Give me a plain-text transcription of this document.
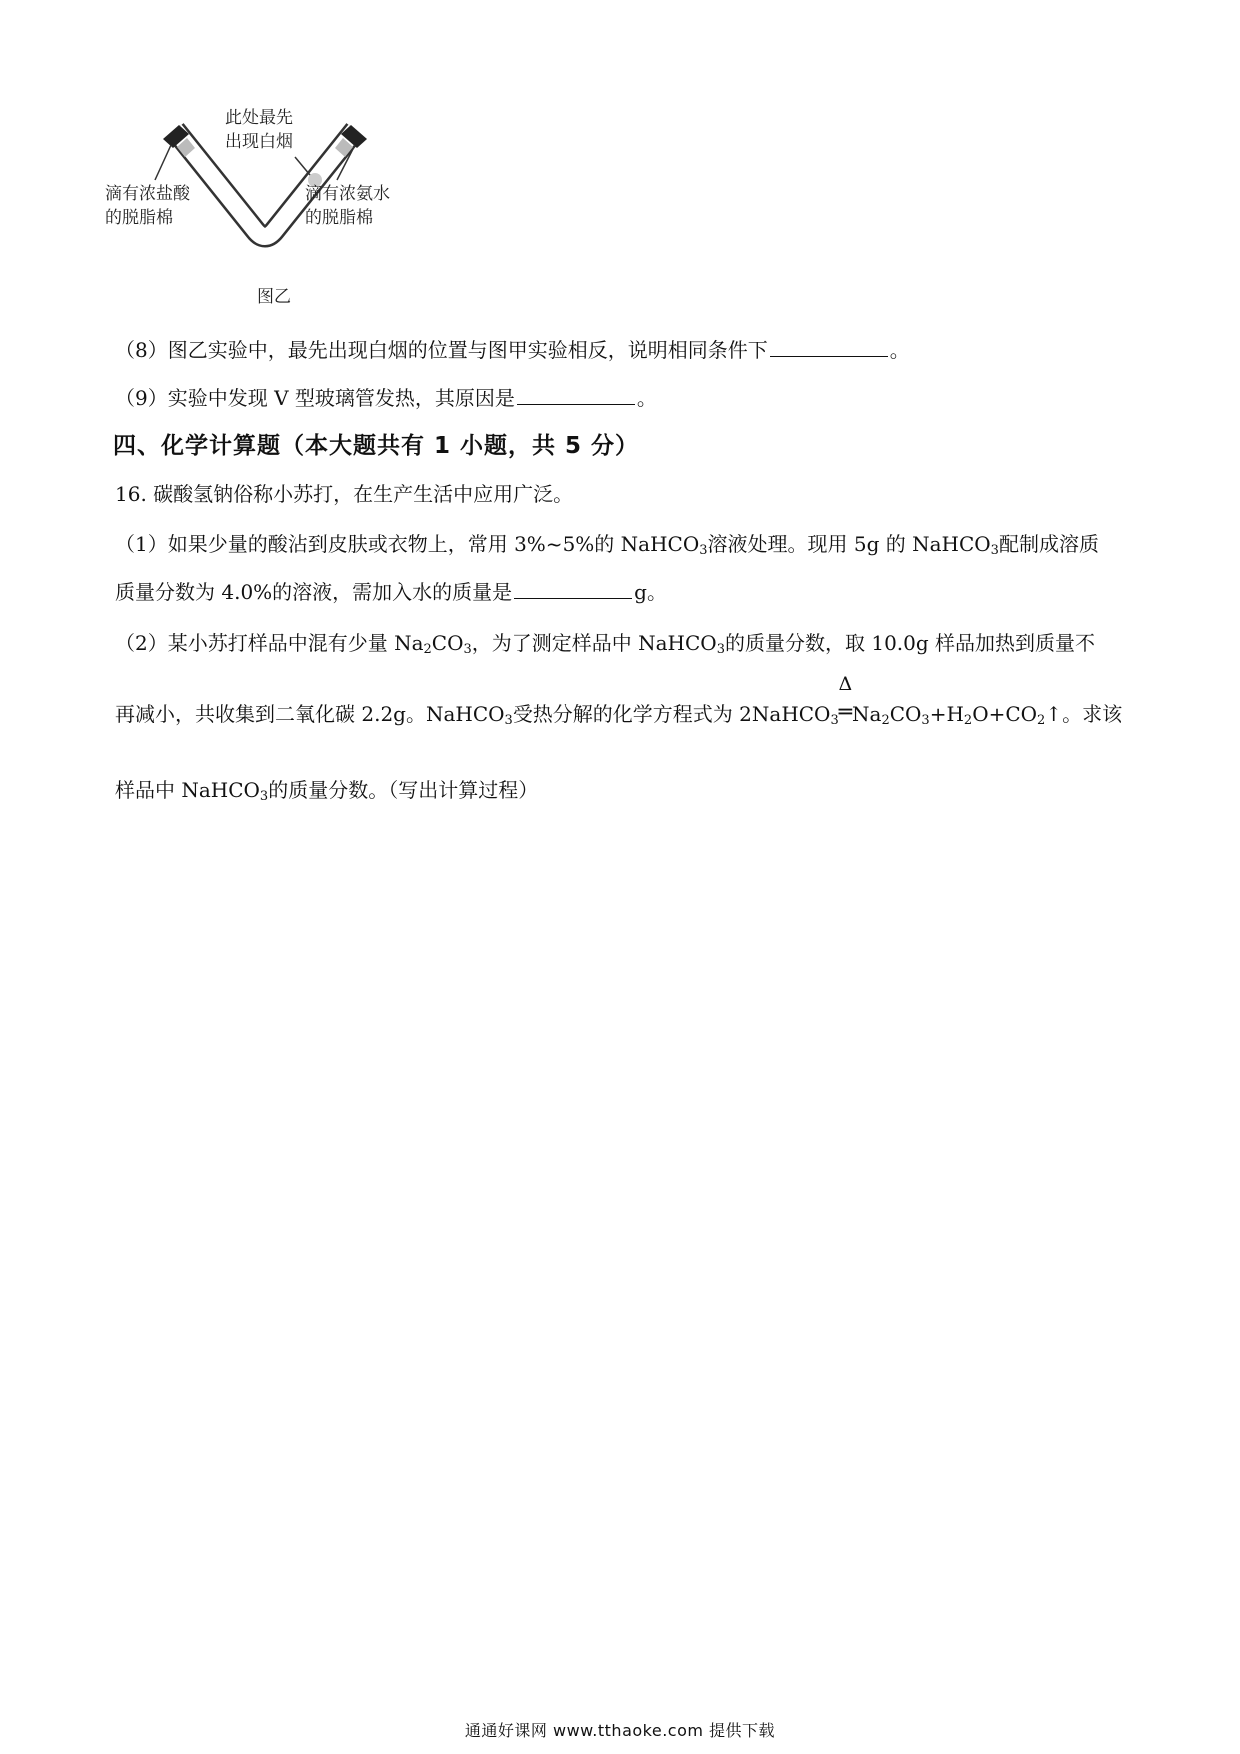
此处最先
出现白烟
滴有浓盐酸
的脱脂棉
滴有浓氨水
的脱脂棉
图乙
（8）图乙实验中，最先出现白烟的位置与图甲实验相反，说明相同条件下	。
（9）实验中发现 V 型玻璃管发热，其原因是	。
四、化学计算题（本大题共有 1 小题，共 5 分）
16. 碳酸氢钠俗称小苏打，在生产生活中应用广泛。
（1）如果少量的酸沾到皮肤或衣物上，常用 3%~5%的 NaHCO$_3$溶液处理。现用 5g 的 NaHCO$_3$配制成溶质
质量分数为 4.0%的溶液，需加入水的质量是	g。
（2）某小苏打样品中混有少量 $Na_2CO_3$，为了测定样品中 NaHCO$_3$的质量分数，取 10.0g 样品加热到质量不
再减小，共收集到二氧化碳 2.2g。NaHCO$_3$受热分解的化学方程式为 2NaHCO$_3$
Δ
$═Na_2CO_3+H_2O+CO_2↑$。求该
样品中 NaHCO$_3$的质量分数。（写出计算过程）
通通好课网 www.tthaoke.com 提供下载
